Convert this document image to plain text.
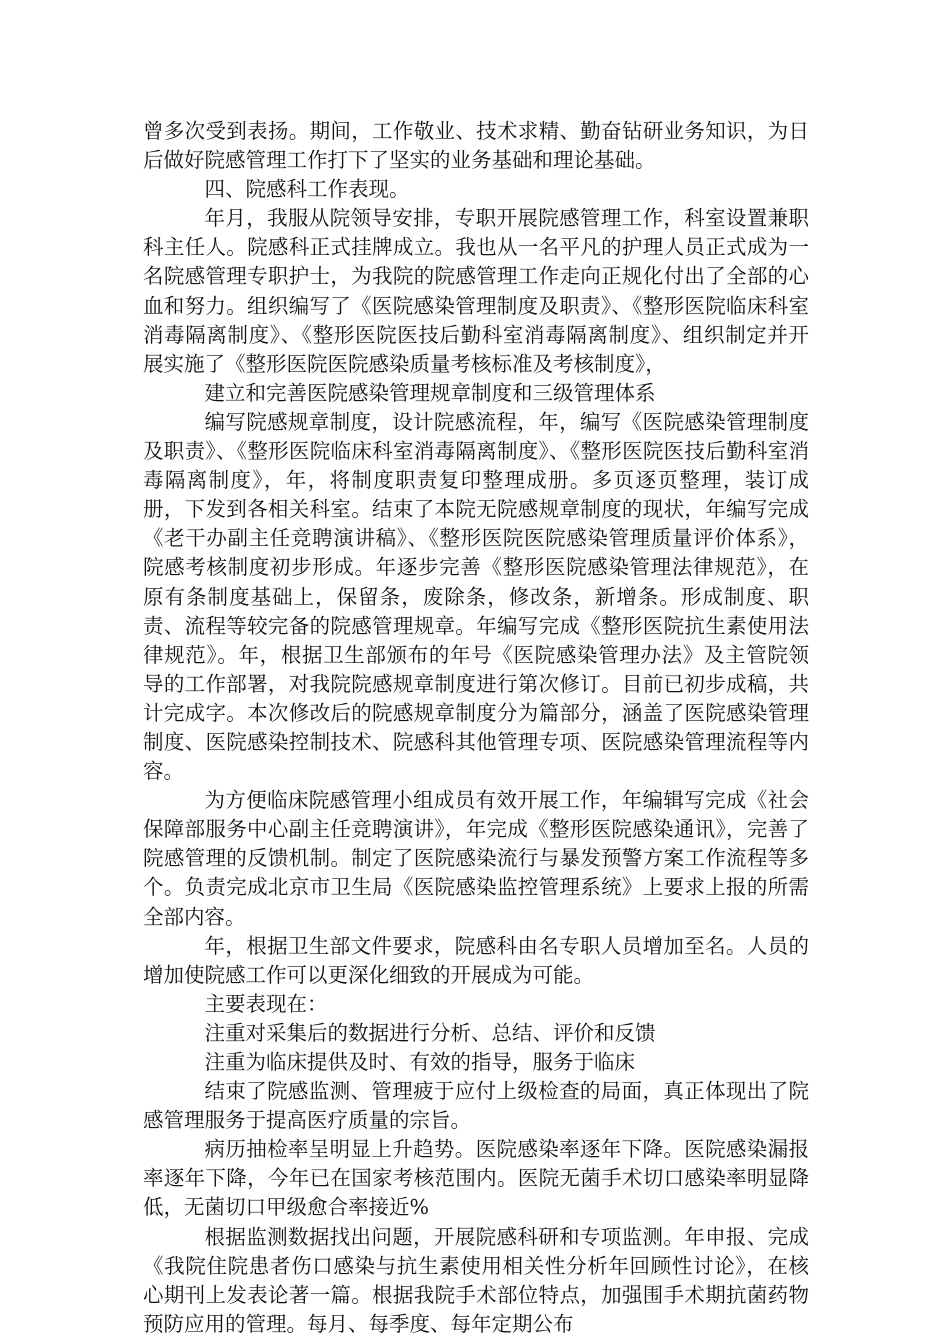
曾多次受到表扬。期间，工作敬业、技术求精、勤奋钻研业务知识，为日后做好院感管理工作打下了坚实的业务基础和理论基础。

四、院感科工作表现。

年月，我服从院领导安排，专职开展院感管理工作，科室设置兼职科主任人。院感科正式挂牌成立。我也从一名平凡的护理人员正式成为一名院感管理专职护士，为我院的院感管理工作走向正规化付出了全部的心血和努力。组织编写了《医院感染管理制度及职责》、《整形医院临床科室消毒隔离制度》、《整形医院医技后勤科室消毒隔离制度》、组织制定并开展实施了《整形医院医院感染质量考核标准及考核制度》，

建立和完善医院感染管理规章制度和三级管理体系

编写院感规章制度，设计院感流程，年，编写《医院感染管理制度及职责》、《整形医院临床科室消毒隔离制度》、《整形医院医技后勤科室消毒隔离制度》，年，将制度职责复印整理成册。多页逐页整理，装订成册，下发到各相关科室。结束了本院无院感规章制度的现状，年编写完成《老干办副主任竞聘演讲稿》、《整形医院医院感染管理质量评价体系》，院感考核制度初步形成。年逐步完善《整形医院感染管理法律规范》，在原有条制度基础上，保留条，废除条，修改条，新增条。形成制度、职责、流程等较完备的院感管理规章。年编写完成《整形医院抗生素使用法律规范》。年，根据卫生部颁布的年号《医院感染管理办法》及主管院领导的工作部署，对我院院感规章制度进行第次修订。目前已初步成稿，共计完成字。本次修改后的院感规章制度分为篇部分，涵盖了医院感染管理制度、医院感染控制技术、院感科其他管理专项、医院感染管理流程等内容。

为方便临床院感管理小组成员有效开展工作，年编辑写完成《社会保障部服务中心副主任竞聘演讲》，年完成《整形医院感染通讯》，完善了院感管理的反馈机制。制定了医院感染流行与暴发预警方案工作流程等多个。负责完成北京市卫生局《医院感染监控管理系统》上要求上报的所需全部内容。

年，根据卫生部文件要求，院感科由名专职人员增加至名。人员的增加使院感工作可以更深化细致的开展成为可能。

主要表现在：

注重对采集后的数据进行分析、总结、评价和反馈

注重为临床提供及时、有效的指导，服务于临床

结束了院感监测、管理疲于应付上级检查的局面，真正体现出了院感管理服务于提高医疗质量的宗旨。

病历抽检率呈明显上升趋势。医院感染率逐年下降。医院感染漏报率逐年下降，今年已在国家考核范围内。医院无菌手术切口感染率明显降低，无菌切口甲级愈合率接近%

根据监测数据找出问题，开展院感科研和专项监测。年申报、完成《我院住院患者伤口感染与抗生素使用相关性分析年回顾性讨论》，在核心期刊上发表论著一篇。根据我院手术部位特点，加强围手术期抗菌药物预防应用的管理。每月、每季度、每年定期公布
